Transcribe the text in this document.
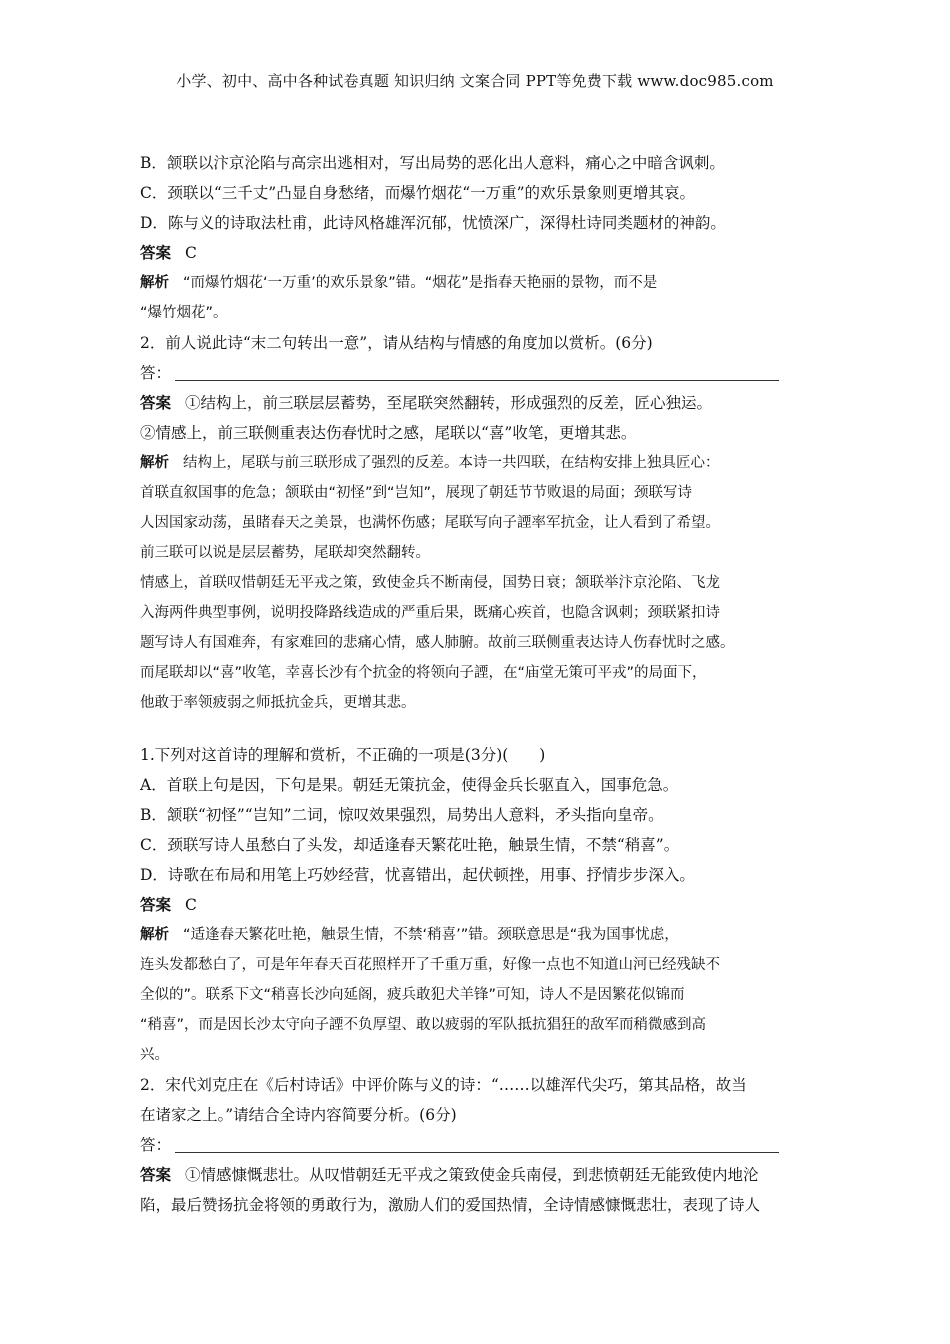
小学、初中、高中各种试卷真题 知识归纳 文案合同 PPT等免费下载 www.doc985.com
B．颔联以汴京沦陷与高宗出逃相对，写出局势的恶化出人意料，痛心之中暗含讽刺。
C．颈联以“三千丈”凸显自身愁绪，而爆竹烟花“一万重”的欢乐景象则更增其哀。
D．陈与义的诗取法杜甫，此诗风格雄浑沉郁，忧愤深广，深得杜诗同类题材的神韵。
答案 C
解析 “而爆竹烟花‘一万重’的欢乐景象”错。“烟花”是指春天艳丽的景物，而不是
“爆竹烟花”。
2．前人说此诗“末二句转出一意”，请从结构与情感的角度加以赏析。(6分)
答：
答案 ①结构上，前三联层层蓄势，至尾联突然翻转，形成强烈的反差，匠心独运。
②情感上，前三联侧重表达伤春忧时之感，尾联以“喜”收笔，更增其悲。
解析 结构上，尾联与前三联形成了强烈的反差。本诗一共四联，在结构安排上独具匠心：
首联直叙国事的危急；颔联由“初怪”到“岂知”，展现了朝廷节节败退的局面；颈联写诗
人因国家动荡，虽睹春天之美景，也满怀伤感；尾联写向子諲率军抗金，让人看到了希望。
前三联可以说是层层蓄势，尾联却突然翻转。
情感上，首联叹惜朝廷无平戎之策，致使金兵不断南侵，国势日衰；颔联举汴京沦陷、飞龙
入海两件典型事例，说明投降路线造成的严重后果，既痛心疾首，也隐含讽刺；颈联紧扣诗
题写诗人有国难奔，有家难回的悲痛心情，感人肺腑。故前三联侧重表达诗人伤春忧时之感。
而尾联却以“喜”收笔，幸喜长沙有个抗金的将领向子諲，在“庙堂无策可平戎”的局面下，
他敢于率领疲弱之师抵抗金兵，更增其悲。
1.下列对这首诗的理解和赏析，不正确的一项是(3分)(　　)
A．首联上句是因，下句是果。朝廷无策抗金，使得金兵长驱直入，国事危急。
B．颔联“初怪”“岂知”二词，惊叹效果强烈，局势出人意料，矛头指向皇帝。
C．颈联写诗人虽愁白了头发，却适逢春天繁花吐艳，触景生情，不禁“稍喜”。
D．诗歌在布局和用笔上巧妙经营，忧喜错出，起伏顿挫，用事、抒情步步深入。
答案 C
解析 “适逢春天繁花吐艳，触景生情，不禁‘稍喜’”错。颈联意思是“我为国事忧虑，
连头发都愁白了，可是年年春天百花照样开了千重万重，好像一点也不知道山河已经残缺不
全似的”。联系下文“稍喜长沙向延阁，疲兵敢犯犬羊锋”可知，诗人不是因繁花似锦而
“稍喜”，而是因长沙太守向子諲不负厚望、敢以疲弱的军队抵抗猖狂的敌军而稍微感到高
兴。
2．宋代刘克庄在《后村诗话》中评价陈与义的诗：“……以雄浑代尖巧，第其品格，故当
在诸家之上。”请结合全诗内容简要分析。(6分)
答：
答案 ①情感慷慨悲壮。从叹惜朝廷无平戎之策致使金兵南侵，到悲愤朝廷无能致使内地沦
陷，最后赞扬抗金将领的勇敢行为，激励人们的爱国热情，全诗情感慷慨悲壮，表现了诗人
